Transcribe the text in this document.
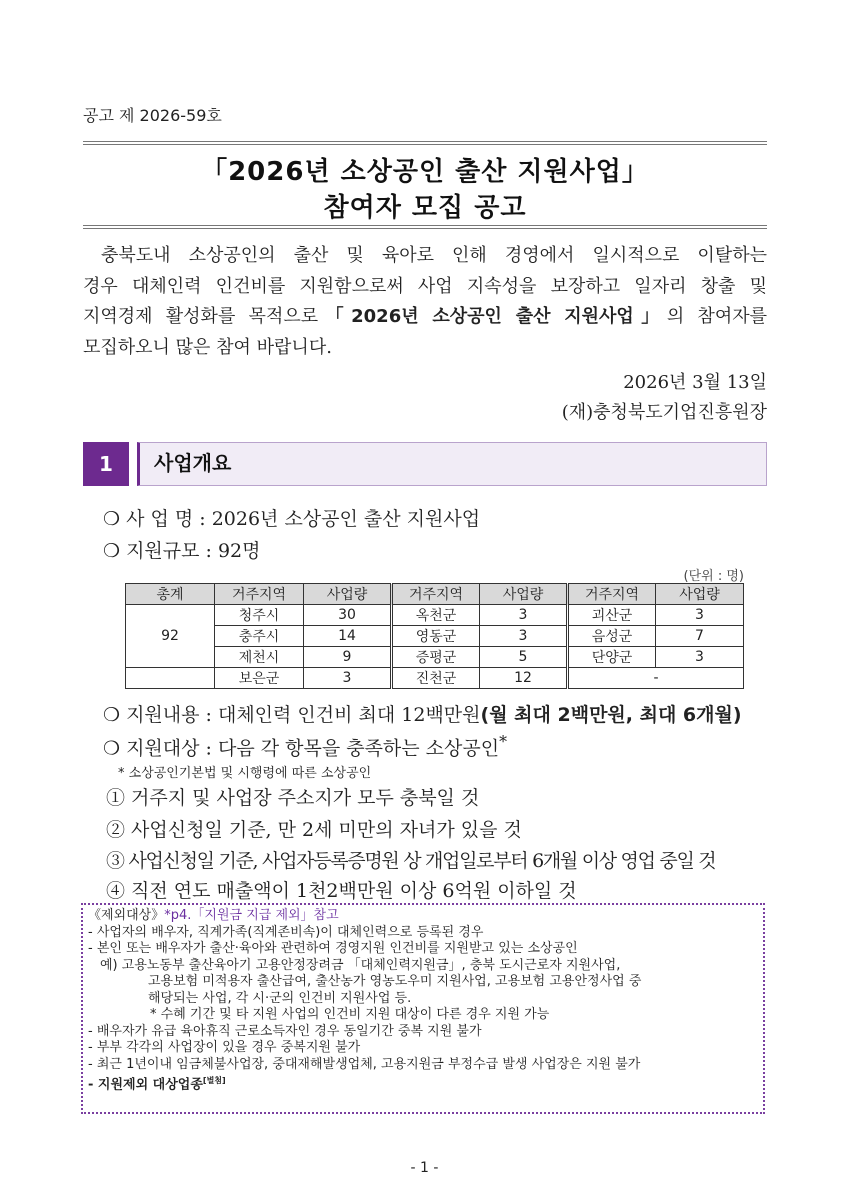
공고 제 2026-59호
「2026년 소상공인 출산 지원사업」
참여자 모집 공고
충북도내 소상공인의 출산 및 육아로 인해 경영에서 일시적으로 이탈하는
경우 대체인력 인건비를 지원함으로써 사업 지속성을 보장하고 일자리 창출 및
지역경제 활성화를 목적으로「2026년 소상공인 출산 지원사업」의 참여자를
모집하오니 많은 참여 바랍니다.
2026년 3월 13일
(재)충청북도기업진흥원장
1	사업개요
❍ 사 업 명 : 2026년 소상공인 출산 지원사업
❍ 지원규모 : 92명
(단위 : 명)
총계	거주지역	사업량	거주지역	사업량	거주지역	사업량
92	청주시	30	옥천군	3	괴산군	3
	충주시	14	영동군	3	음성군	7
	제천시	9	증평군	5	단양군	3
	보은군	3	진천군	12	-	
❍ 지원내용 : 대체인력 인건비 최대 12백만원(월 최대 2백만원, 최대 6개월)
❍ 지원대상 : 다음 각 항목을 충족하는 소상공인*
* 소상공인기본법 및 시행령에 따른 소상공인
① 거주지 및 사업장 주소지가 모두 충북일 것
② 사업신청일 기준, 만 2세 미만의 자녀가 있을 것
③ 사업신청일 기준, 사업자등록증명원 상 개업일로부터 6개월 이상 영업 중일 것
④ 직전 연도 매출액이 1천2백만원 이상 6억원 이하일 것
《제외대상》*p4.「지원금 지급 제외」참고
- 사업자의 배우자, 직계가족(직계존비속)이 대체인력으로 등록된 경우
- 본인 또는 배우자가 출산·육아와 관련하여 경영지원 인건비를 지원받고 있는 소상공인
예) 고용노동부 출산육아기 고용안정장려금 「대체인력지원금」, 충북 도시근로자 지원사업,
고용보험 미적용자 출산급여, 출산농가 영농도우미 지원사업, 고용보험 고용안정사업 중
해당되는 사업, 각 시·군의 인건비 지원사업 등.
* 수혜 기간 및 타 지원 사업의 인건비 지원 대상이 다른 경우 지원 가능
- 배우자가 유급 육아휴직 근로소득자인 경우 동일기간 중복 지원 불가
- 부부 각각의 사업장이 있을 경우 중복지원 불가
- 최근 1년이내 임금체불사업장, 중대재해발생업체, 고용지원금 부정수급 발생 사업장은 지원 불가
- 지원제외 대상업종[별첨]
- 1 -
